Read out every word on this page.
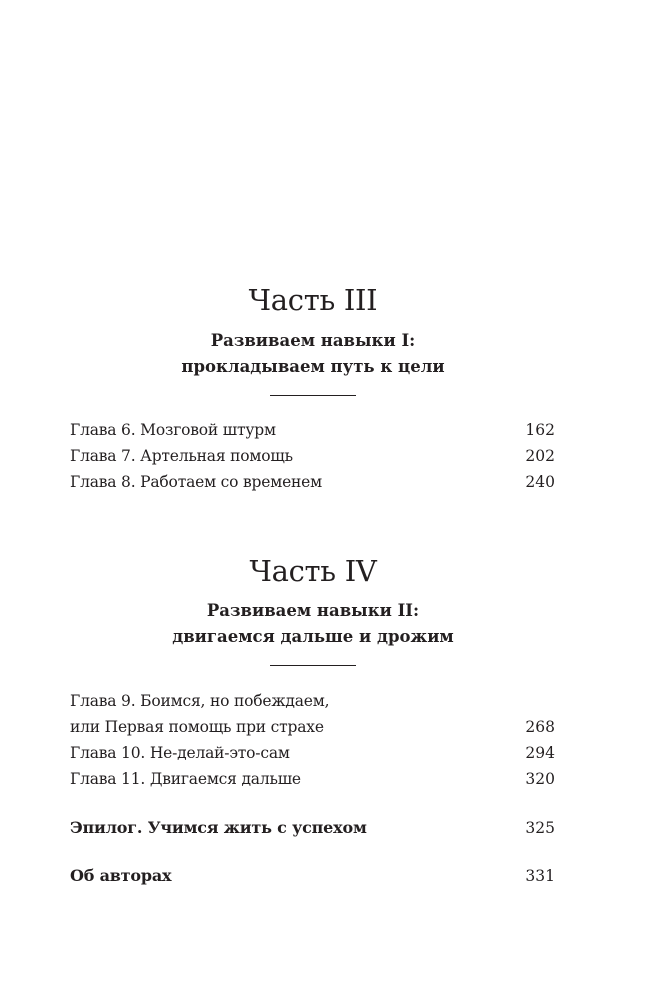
Часть III
Развиваем навыки I:
прокладываем путь к цели
Глава 6. Мозговой штурм	162
Глава 7. Артельная помощь	202
Глава 8. Работаем со временем	240
Часть IV
Развиваем навыки II:
двигаемся дальше и дрожим
Глава 9. Боимся, но побеждаем,
или Первая помощь при страхе	268
Глава 10. Не-делай-это-сам	294
Глава 11. Двигаемся дальше	320
Эпилог. Учимся жить с успехом	325
Об авторах	331
